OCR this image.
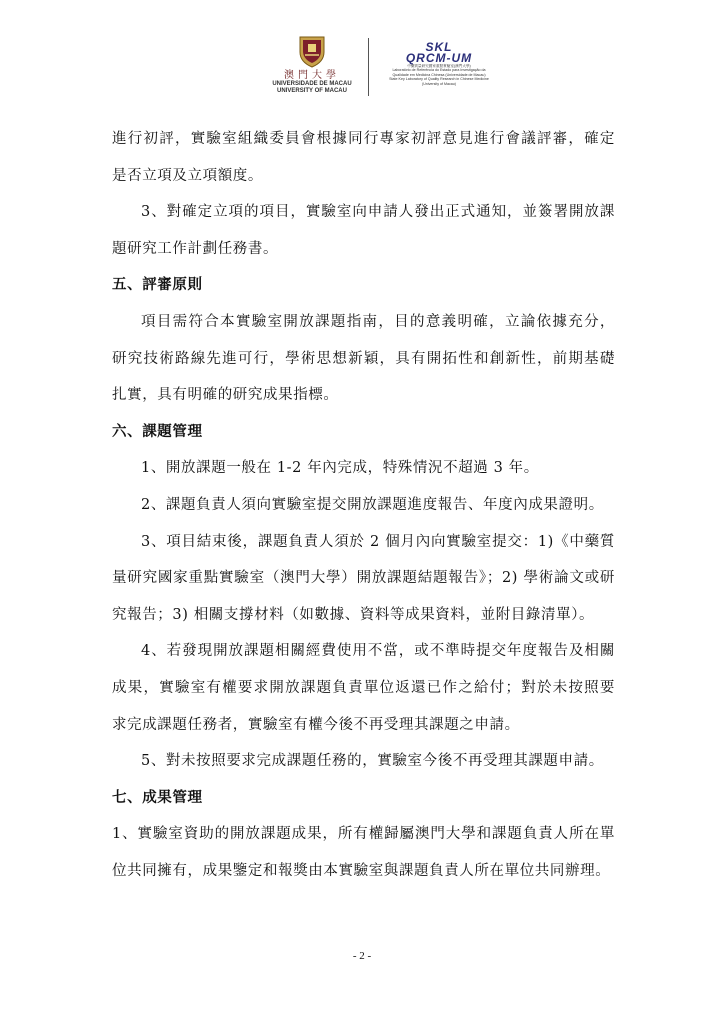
澳門大學
UNIVERSIDADE DE MACAU
UNIVERSITY OF MACAU
SKL
QRCM-UM
中藥質量研究國家重點實驗室(澳門大學)
Laboratório de Referência do Estado para Investigação da
Qualidade em Medicina Chinesa (Universidade de Macau)
State Key Laboratory of Quality Research in Chinese Medicine
(University of Macau)
進行初評，實驗室組織委員會根據同行專家初評意見進行會議評審，確定
是否立項及立項額度。
3、對確定立項的項目，實驗室向申請人發出正式通知，並簽署開放課
題研究工作計劃任務書。
五、評審原則
項目需符合本實驗室開放課題指南，目的意義明確，立論依據充分，
研究技術路線先進可行，學術思想新穎，具有開拓性和創新性，前期基礎
扎實，具有明確的研究成果指標。
六、課題管理
1、開放課題一般在 1-2 年內完成，特殊情況不超過 3 年。
2、課題負責人須向實驗室提交開放課題進度報告、年度內成果證明。
3、項目結束後，課題負責人須於 2 個月內向實驗室提交：1)《中藥質
量研究國家重點實驗室（澳門大學）開放課題結題報告》；2) 學術論文或研
究報告；3) 相關支撐材料（如數據、資料等成果資料，並附目錄清單）。
4、若發現開放課題相關經費使用不當，或不準時提交年度報告及相關
成果，實驗室有權要求開放課題負責單位返還已作之給付；對於未按照要
求完成課題任務者，實驗室有權今後不再受理其課題之申請。
5、對未按照要求完成課題任務的，實驗室今後不再受理其課題申請。
七、成果管理
1、實驗室資助的開放課題成果，所有權歸屬澳門大學和課題負責人所在單
位共同擁有，成果鑒定和報獎由本實驗室與課題負責人所在單位共同辦理。
- 2 -
